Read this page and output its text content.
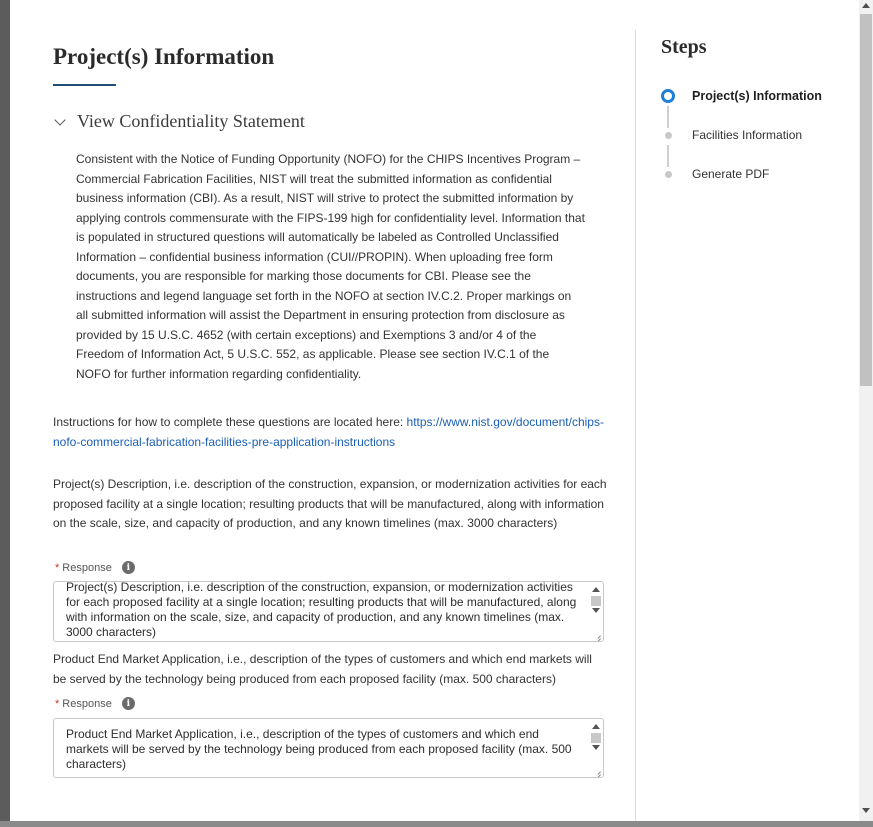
Project(s) Information
View Confidentiality Statement

Consistent with the Notice of Funding Opportunity (NOFO) for the CHIPS Incentives Program – Commercial Fabrication Facilities, NIST will treat the submitted information as confidential business information (CBI). As a result, NIST will strive to protect the submitted information by applying controls commensurate with the FIPS-199 high for confidentiality level. Information that is populated in structured questions will automatically be labeled as Controlled Unclassified Information – confidential business information (CUI//PROPIN). When uploading free form documents, you are responsible for marking those documents for CBI. Please see the instructions and legend language set forth in the NOFO at section IV.C.2. Proper markings on all submitted information will assist the Department in ensuring protection from disclosure as provided by 15 U.S.C. 4652 (with certain exceptions) and Exemptions 3 and/or 4 of the Freedom of Information Act, 5 U.S.C. 552, as applicable. Please see section IV.C.1 of the NOFO for further information regarding confidentiality.

Instructions for how to complete these questions are located here: https://www.nist.gov/document/chips-nofo-commercial-fabrication-facilities-pre-application-instructions

Project(s) Description, i.e. description of the construction, expansion, or modernization activities for each proposed facility at a single location; resulting products that will be manufactured, along with information on the scale, size, and capacity of production, and any known timelines (max. 3000 characters)

* Response	i
Project(s) Description, i.e. description of the construction, expansion, or modernization activities for each proposed facility at a single location; resulting products that will be manufactured, along with information on the scale, size, and capacity of production, and any known timelines (max. 3000 characters)

Product End Market Application, i.e., description of the types of customers and which end markets will be served by the technology being produced from each proposed facility (max. 500 characters)

* Response	i
Product End Market Application, i.e., description of the types of customers and which end markets will be served by the technology being produced from each proposed facility (max. 500 characters)
Steps
Project(s) Information
Facilities Information
Generate PDF
